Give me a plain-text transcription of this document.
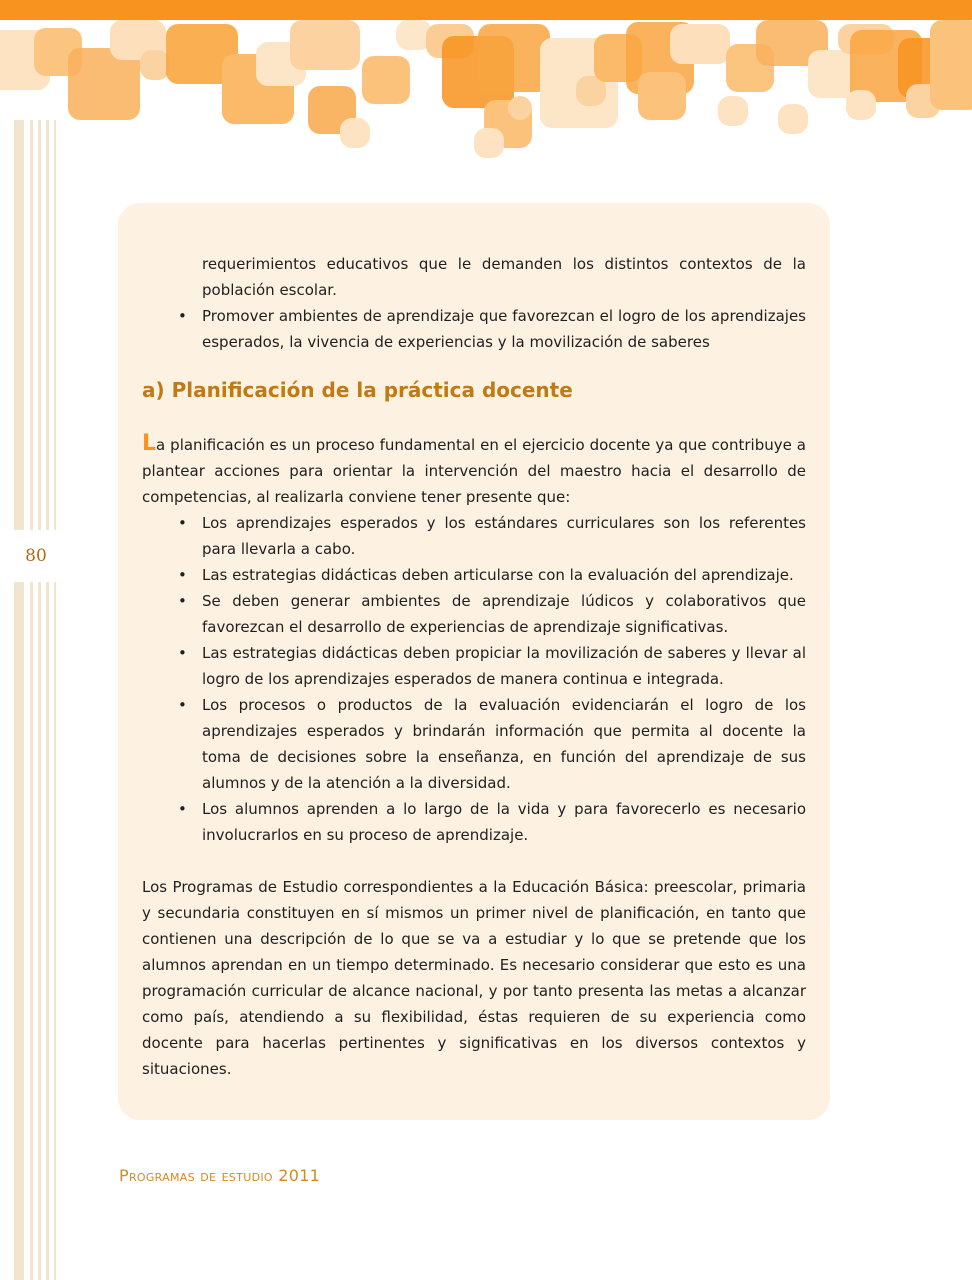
80

requerimientos educativos que le demanden los distintos contextos de la población escolar.

• Promover ambientes de aprendizaje que favorezcan el logro de los aprendizajes esperados, la vivencia de experiencias y la movilización de saberes
a) Planificación de la práctica docente

La planificación es un proceso fundamental en el ejercicio docente ya que contribuye a plantear acciones para orientar la intervención del maestro hacia el desarrollo de competencias, al realizarla conviene tener presente que:

• Los aprendizajes esperados y los estándares curriculares son los referentes para llevarla a cabo.
• Las estrategias didácticas deben articularse con la evaluación del aprendizaje.
• Se deben generar ambientes de aprendizaje lúdicos y colaborativos que favorezcan el desarrollo de experiencias de aprendizaje significativas.
• Las estrategias didácticas deben propiciar la movilización de saberes y llevar al logro de los aprendizajes esperados de manera continua e integrada.
• Los procesos o productos de la evaluación evidenciarán el logro de los aprendizajes esperados y brindarán información que permita al docente la toma de decisiones sobre la enseñanza, en función del aprendizaje de sus alumnos y de la atención a la diversidad.
• Los alumnos aprenden a lo largo de la vida y para favorecerlo es necesario involucrarlos en su proceso de aprendizaje.

Los Programas de Estudio correspondientes a la Educación Básica: preescolar, primaria y secundaria constituyen en sí mismos un primer nivel de planificación, en tanto que contienen una descripción de lo que se va a estudiar y lo que se pretende que los alumnos aprendan en un tiempo determinado. Es necesario considerar que esto es una programación curricular de alcance nacional, y por tanto presenta las metas a alcanzar como país, atendiendo a su flexibilidad, éstas requieren de su experiencia como docente para hacerlas pertinentes y significativas en los diversos contextos y situaciones.

Programas de estudio 2011
